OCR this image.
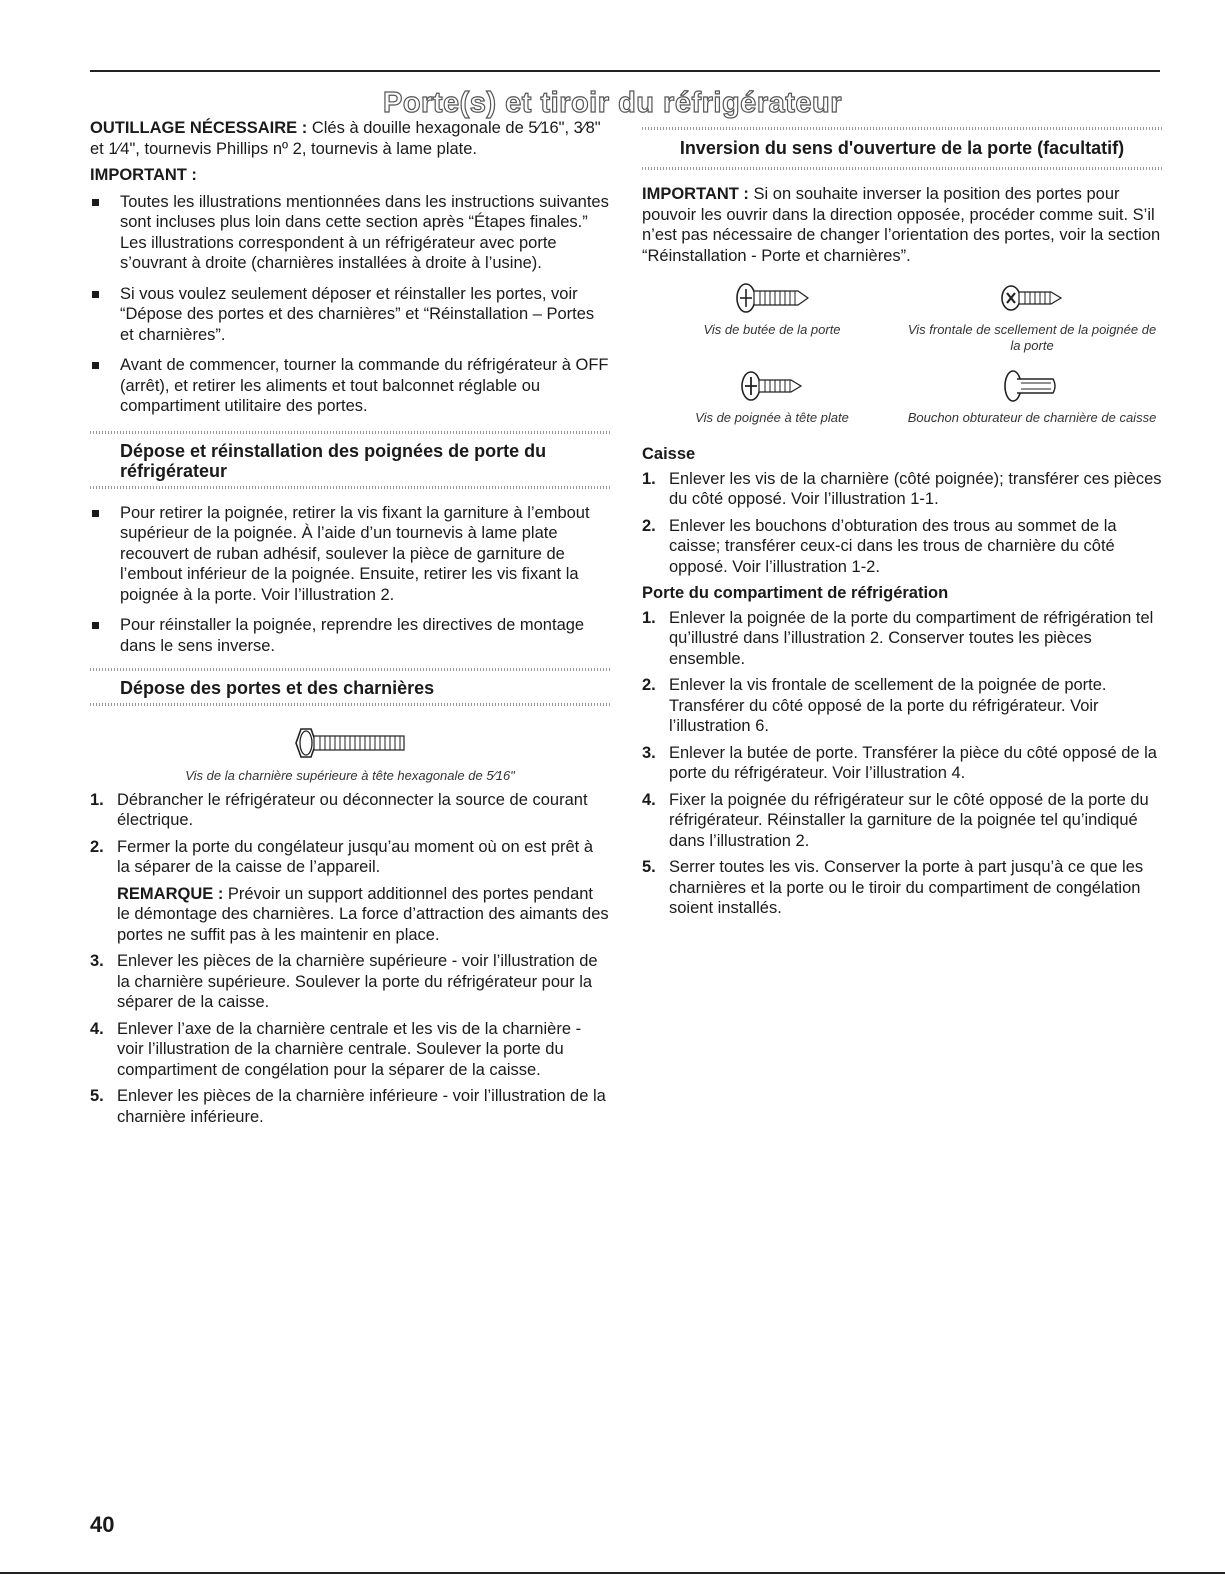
Porte(s) et tiroir du réfrigérateur

OUTILLAGE NÉCESSAIRE : Clés à douille hexagonale de 5⁄16", 3⁄8" et 1⁄4", tournevis Phillips nº 2, tournevis à lame plate.

IMPORTANT :

Toutes les illustrations mentionnées dans les instructions suivantes sont incluses plus loin dans cette section après “Étapes finales.” Les illustrations correspondent à un réfrigérateur avec porte s’ouvrant à droite (charnières installées à droite à l’usine).
Si vous voulez seulement déposer et réinstaller les portes, voir “Dépose des portes et des charnières” et “Réinstallation – Portes et charnières”.
Avant de commencer, tourner la commande du réfrigérateur à OFF (arrêt), et retirer les aliments et tout balconnet réglable ou compartiment utilitaire des portes.
Dépose et réinstallation des poignées de porte du réfrigérateur
Pour retirer la poignée, retirer la vis fixant la garniture à l’embout supérieur de la poignée. À l’aide d’un tournevis à lame plate recouvert de ruban adhésif, soulever la pièce de garniture de l’embout inférieur de la poignée. Ensuite, retirer les vis fixant la poignée à la porte. Voir l’illustration 2.
Pour réinstaller la poignée, reprendre les directives de montage dans le sens inverse.
Dépose des portes et des charnières
Vis de la charnière supérieure à tête hexagonale de 5⁄16"
1. Débrancher le réfrigérateur ou déconnecter la source de courant électrique.
2. Fermer la porte du congélateur jusqu’au moment où on est prêt à la séparer de la caisse de l’appareil.

REMARQUE : Prévoir un support additionnel des portes pendant le démontage des charnières. La force d’attraction des aimants des portes ne suffit pas à les maintenir en place.

3. Enlever les pièces de la charnière supérieure - voir l’illustration de la charnière supérieure. Soulever la porte du réfrigérateur pour la séparer de la caisse.
4. Enlever l’axe de la charnière centrale et les vis de la charnière - voir l’illustration de la charnière centrale. Soulever la porte du compartiment de congélation pour la séparer de la caisse.
5. Enlever les pièces de la charnière inférieure - voir l’illustration de la charnière inférieure.
Inversion du sens d'ouverture de la porte (facultatif)

IMPORTANT : Si on souhaite inverser la position des portes pour pouvoir les ouvrir dans la direction opposée, procéder comme suit. S’il n’est pas nécessaire de changer l’orientation des portes, voir la section “Réinstallation - Porte et charnières”.

Vis de butée de la porte	Vis frontale de scellement de la poignée de la porte
Vis de poignée à tête plate	Bouchon obturateur de charnière de caisse
Caisse
1. Enlever les vis de la charnière (côté poignée); transférer ces pièces du côté opposé. Voir l’illustration 1-1.
2. Enlever les bouchons d’obturation des trous au sommet de la caisse; transférer ceux-ci dans les trous de charnière du côté opposé. Voir l’illustration 1-2.
Porte du compartiment de réfrigération
1. Enlever la poignée de la porte du compartiment de réfrigération tel qu’illustré dans l’illustration 2. Conserver toutes les pièces ensemble.
2. Enlever la vis frontale de scellement de la poignée de porte. Transférer du côté opposé de la porte du réfrigérateur. Voir l’illustration 6.
3. Enlever la butée de porte. Transférer la pièce du côté opposé de la porte du réfrigérateur. Voir l’illustration 4.
4. Fixer la poignée du réfrigérateur sur le côté opposé de la porte du réfrigérateur. Réinstaller la garniture de la poignée tel qu’indiqué dans l’illustration 2.
5. Serrer toutes les vis. Conserver la porte à part jusqu’à ce que les charnières et la porte ou le tiroir du compartiment de congélation soient installés.
40
